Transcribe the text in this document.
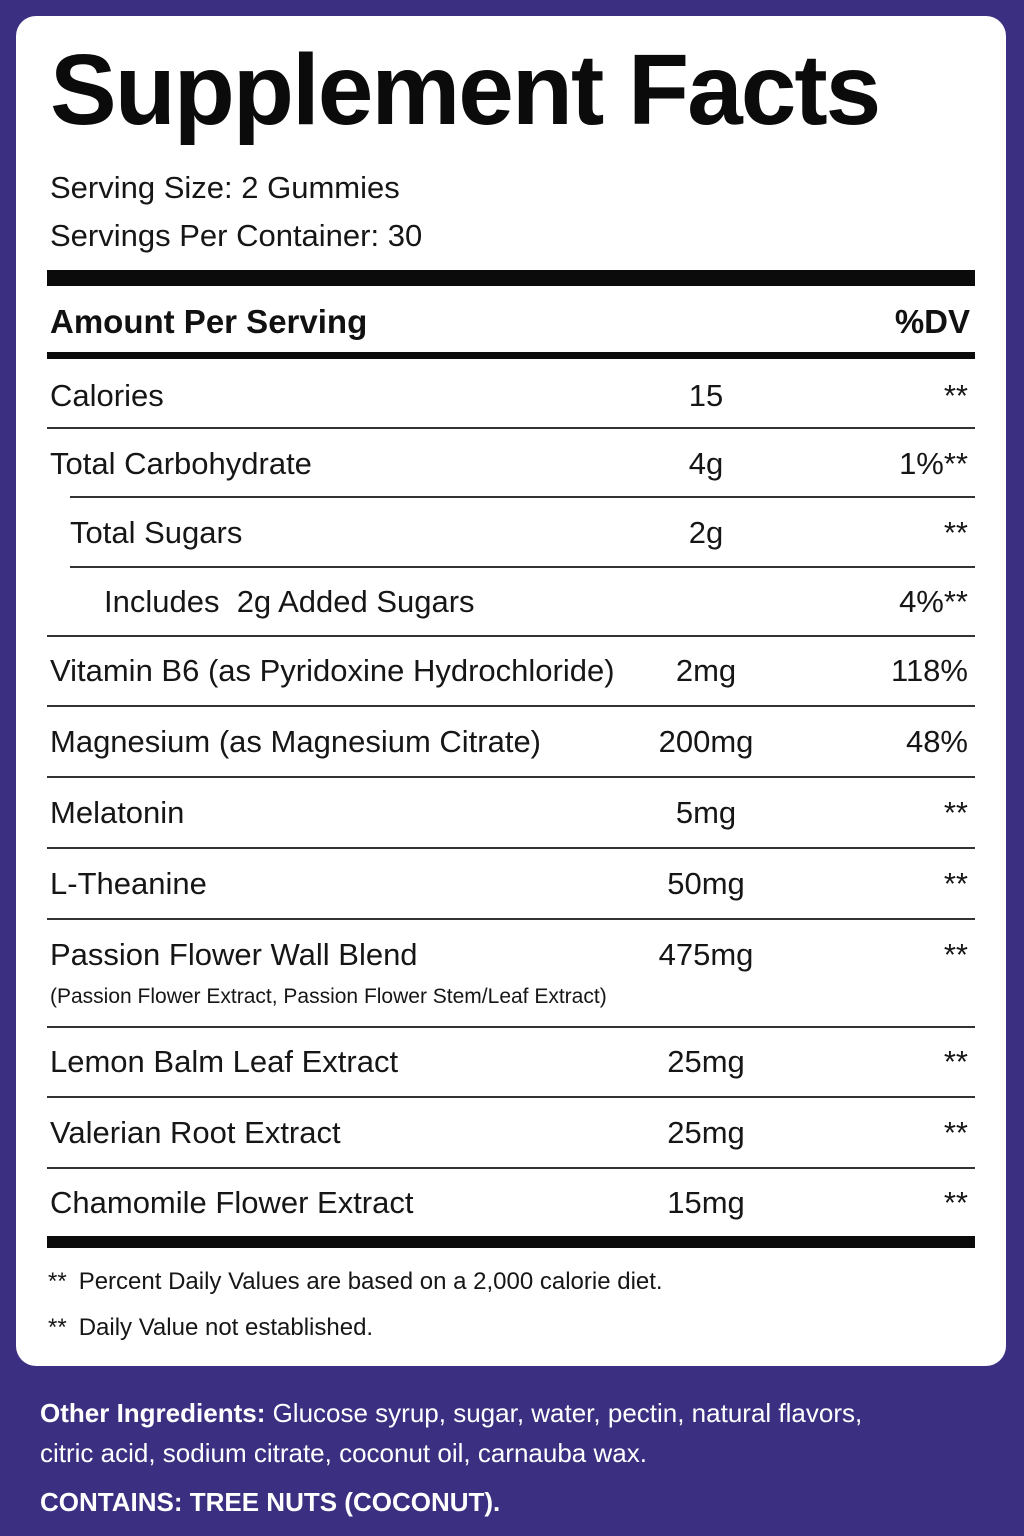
Supplement Facts
Serving Size: 2 Gummies
Servings Per Container: 30
Amount Per Serving	%DV
Calories	15	**
Total Carbohydrate	4g	1%**
Total Sugars	2g	**
Includes  2g Added Sugars	4%**
Vitamin B6 (as Pyridoxine Hydrochloride)	2mg	118%
Magnesium (as Magnesium Citrate)	200mg	48%
Melatonin	5mg	**
L-Theanine	50mg	**
Passion Flower Wall Blend	475mg	**
(Passion Flower Extract, Passion Flower Stem/Leaf Extract)
Lemon Balm Leaf Extract	25mg	**
Valerian Root Extract	25mg	**
Chamomile Flower Extract	15mg	**
** Percent Daily Values are based on a 2,000 calorie diet.
** Daily Value not established.
Other Ingredients: Glucose syrup, sugar, water, pectin, natural flavors,
citric acid, sodium citrate, coconut oil, carnauba wax.
CONTAINS: TREE NUTS (COCONUT).
